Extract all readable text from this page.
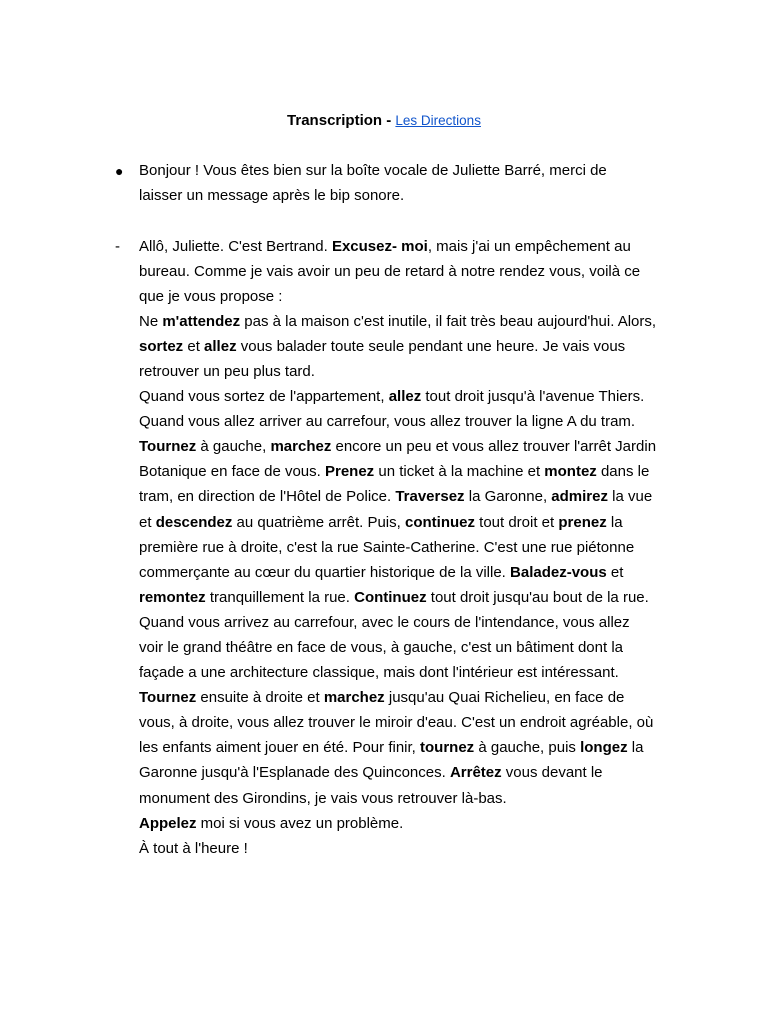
Transcription - Les Directions
● Bonjour ! Vous êtes bien sur la boîte vocale de Juliette Barré, merci de
laisser un message après le bip sonore.
- Allô, Juliette. C'est Bertrand. Excusez- moi, mais j'ai un empêchement au
bureau. Comme je vais avoir un peu de retard à notre rendez vous, voilà ce
que je vous propose :
Ne m'attendez pas à la maison c'est inutile, il fait très beau aujourd'hui. Alors,
sortez et allez vous balader toute seule pendant une heure. Je vais vous
retrouver un peu plus tard.
Quand vous sortez de l'appartement, allez tout droit jusqu'à l'avenue Thiers.
Quand vous allez arriver au carrefour, vous allez trouver la ligne A du tram.
Tournez à gauche, marchez encore un peu et vous allez trouver l'arrêt Jardin
Botanique en face de vous. Prenez un ticket à la machine et montez dans le
tram, en direction de l'Hôtel de Police. Traversez la Garonne, admirez la vue
et descendez au quatrième arrêt. Puis, continuez tout droit et prenez la
première rue à droite, c'est la rue Sainte-Catherine. C'est une rue piétonne
commerçante au cœur du quartier historique de la ville. Baladez-vous et
remontez tranquillement la rue. Continuez tout droit jusqu'au bout de la rue.
Quand vous arrivez au carrefour, avec le cours de l'intendance, vous allez
voir le grand théâtre en face de vous, à gauche, c'est un bâtiment dont la
façade a une architecture classique, mais dont l'intérieur est intéressant.
Tournez ensuite à droite et marchez jusqu'au Quai Richelieu, en face de
vous, à droite, vous allez trouver le miroir d'eau. C'est un endroit agréable, où
les enfants aiment jouer en été. Pour finir, tournez à gauche, puis longez la
Garonne jusqu'à l'Esplanade des Quinconces. Arrêtez vous devant le
monument des Girondins, je vais vous retrouver là-bas.
Appelez moi si vous avez un problème.
À tout à l'heure !
